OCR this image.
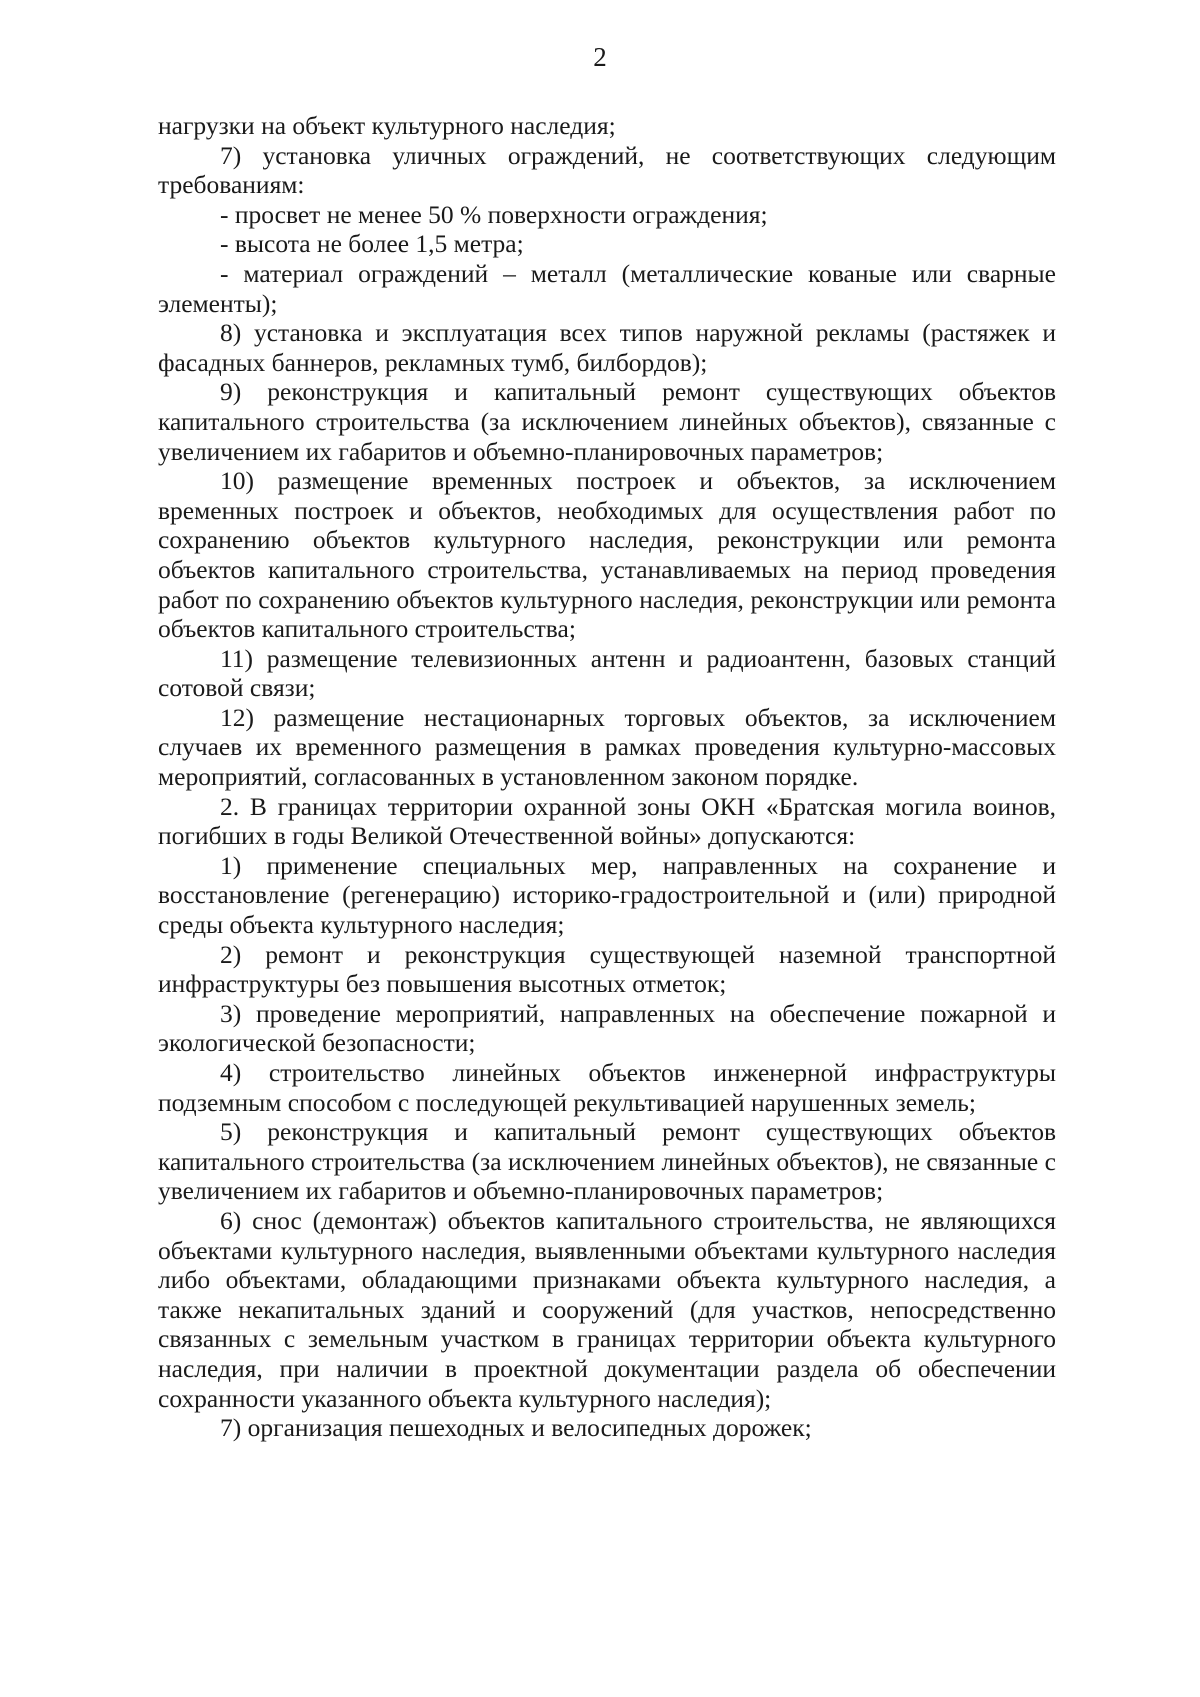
2

нагрузки на объект культурного наследия;

7) установка уличных ограждений, не соответствующих следующим требованиям:

- просвет не менее 50 % поверхности ограждения;

- высота не более 1,5 метра;

- материал ограждений – металл (металлические кованые или сварные элементы);

8) установка и эксплуатация всех типов наружной рекламы (растяжек и фасадных баннеров, рекламных тумб, билбордов);

9) реконструкция и капитальный ремонт существующих объектов капитального строительства (за исключением линейных объектов), связанные с увеличением их габаритов и объемно-планировочных параметров;

10) размещение временных построек и объектов, за исключением временных построек и объектов, необходимых для осуществления работ по сохранению объектов культурного наследия, реконструкции или ремонта объектов капитального строительства, устанавливаемых на период проведения работ по сохранению объектов культурного наследия, реконструкции или ремонта объектов капитального строительства;

11) размещение телевизионных антенн и радиоантенн, базовых станций сотовой связи;

12) размещение нестационарных торговых объектов, за исключением случаев их временного размещения в рамках проведения культурно-массовых мероприятий, согласованных в установленном законом порядке.

2. В границах территории охранной зоны ОКН «Братская могила воинов, погибших в годы Великой Отечественной войны» допускаются:

1) применение специальных мер, направленных на сохранение и восстановление (регенерацию) историко-градостроительной и (или) природной среды объекта культурного наследия;

2) ремонт и реконструкция существующей наземной транспортной инфраструктуры без повышения высотных отметок;

3) проведение мероприятий, направленных на обеспечение пожарной и экологической безопасности;

4) строительство линейных объектов инженерной инфраструктуры подземным способом с последующей рекультивацией нарушенных земель;

5) реконструкция и капитальный ремонт существующих объектов капитального строительства (за исключением линейных объектов), не связанные с увеличением их габаритов и объемно-планировочных параметров;

6) снос (демонтаж) объектов капитального строительства, не являющихся объектами культурного наследия, выявленными объектами культурного наследия либо объектами, обладающими признаками объекта культурного наследия, а также некапитальных зданий и сооружений (для участков, непосредственно связанных с земельным участком в границах территории объекта культурного наследия, при наличии в проектной документации раздела об обеспечении сохранности указанного объекта культурного наследия);

7) организация пешеходных и велосипедных дорожек;
